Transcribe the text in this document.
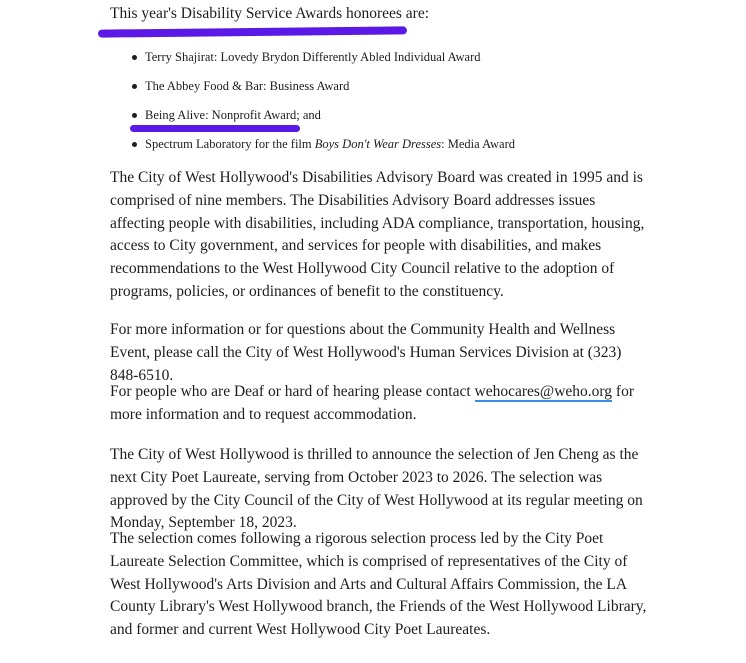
This year's Disability Service Awards honorees are:

Terry Shajirat: Lovedy Brydon Differently Abled Individual Award
The Abbey Food & Bar: Business Award
Being Alive: Nonprofit Award; and
Spectrum Laboratory for the film Boys Don't Wear Dresses: Media Award

The City of West Hollywood's Disabilities Advisory Board was created in 1995 and is comprised of nine members. The Disabilities Advisory Board addresses issues affecting people with disabilities, including ADA compliance, transportation, housing, access to City government, and services for people with disabilities, and makes recommendations to the West Hollywood City Council relative to the adoption of programs, policies, or ordinances of benefit to the constituency.

For more information or for questions about the Community Health and Wellness Event, please call the City of West Hollywood's Human Services Division at (323) 848-6510.

For people who are Deaf or hard of hearing please contact wehocares@weho.org for more information and to request accommodation.

The City of West Hollywood is thrilled to announce the selection of Jen Cheng as the next City Poet Laureate, serving from October 2023 to 2026. The selection was approved by the City Council of the City of West Hollywood at its regular meeting on Monday, September 18, 2023.

The selection comes following a rigorous selection process led by the City Poet Laureate Selection Committee, which is comprised of representatives of the City of West Hollywood's Arts Division and Arts and Cultural Affairs Commission, the LA County Library's West Hollywood branch, the Friends of the West Hollywood Library, and former and current West Hollywood City Poet Laureates.
